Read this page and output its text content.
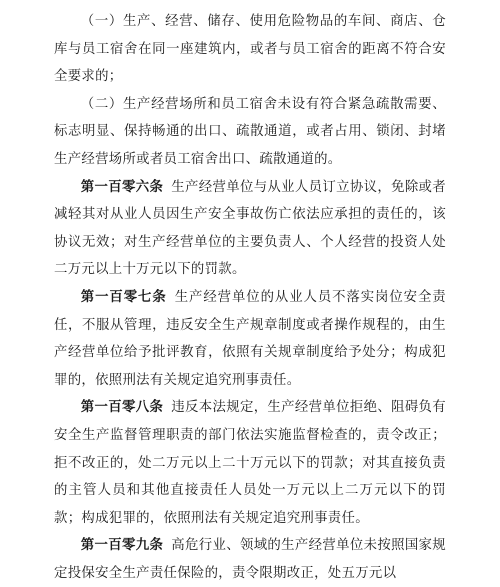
（一）生产、经营、储存、使用危险物品的车间、商店、仓库与员工宿舍在同一座建筑内，或者与员工宿舍的距离不符合安全要求的；

（二）生产经营场所和员工宿舍未设有符合紧急疏散需要、标志明显、保持畅通的出口、疏散通道，或者占用、锁闭、封堵生产经营场所或者员工宿舍出口、疏散通道的。

第一百零六条 生产经营单位与从业人员订立协议，免除或者减轻其对从业人员因生产安全事故伤亡依法应承担的责任的，该协议无效；对生产经营单位的主要负责人、个人经营的投资人处二万元以上十万元以下的罚款。

第一百零七条 生产经营单位的从业人员不落实岗位安全责任，不服从管理，违反安全生产规章制度或者操作规程的，由生产经营单位给予批评教育，依照有关规章制度给予处分；构成犯罪的，依照刑法有关规定追究刑事责任。

第一百零八条 违反本法规定，生产经营单位拒绝、阻碍负有安全生产监督管理职责的部门依法实施监督检查的，责令改正；拒不改正的，处二万元以上二十万元以下的罚款；对其直接负责的主管人员和其他直接责任人员处一万元以上二万元以下的罚款；构成犯罪的，依照刑法有关规定追究刑事责任。

第一百零九条 高危行业、领域的生产经营单位未按照国家规定投保安全生产责任保险的，责令限期改正，处五万元以
